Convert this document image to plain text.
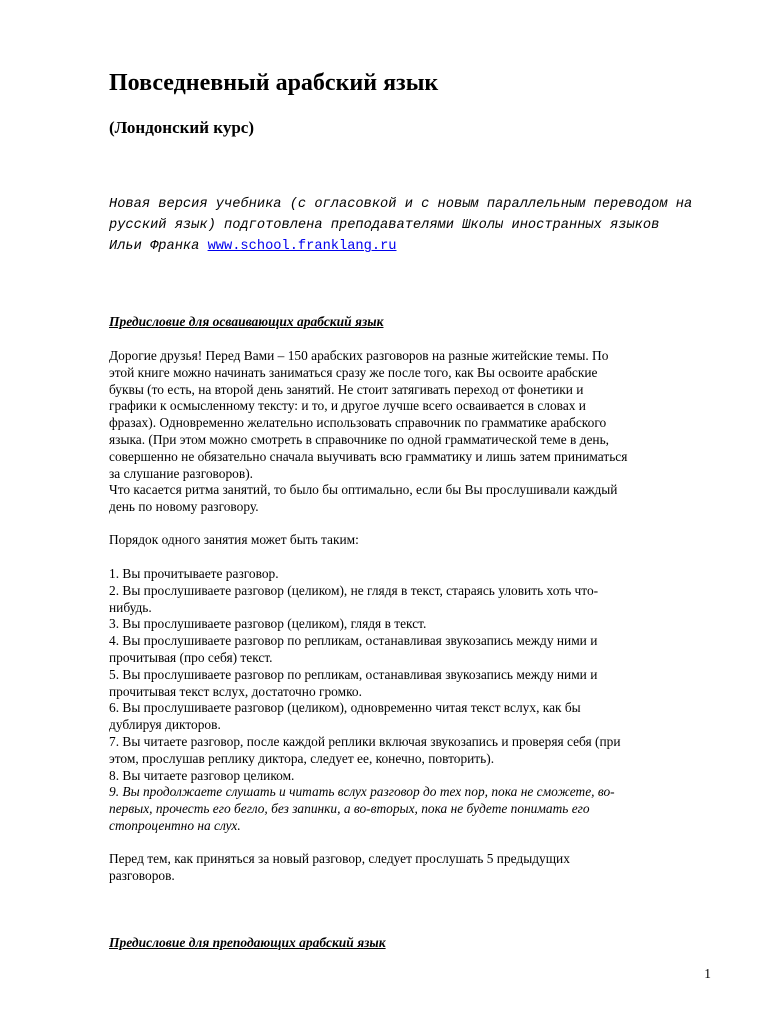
Повседневный арабский язык
(Лондонский курс)
Новая версия учебника (с огласовкой и с новым параллельным переводом на
русский язык) подготовлена преподавателями Школы иностранных языков
Ильи Франка www.school.franklang.ru
Предисловие для осваивающих арабский язык
Дорогие друзья! Перед Вами – 150 арабских разговоров на разные житейские темы. По
этой книге можно начинать заниматься сразу же после того, как Вы освоите арабские
буквы (то есть, на второй день занятий. Не стоит затягивать переход от фонетики и
графики к осмысленному тексту: и то, и другое лучше всего осваивается в словах и
фразах). Одновременно желательно использовать справочник по грамматике арабского
языка. (При этом можно смотреть в справочнике по одной грамматической теме в день,
совершенно не обязательно сначала выучивать всю грамматику и лишь затем приниматься
за слушание разговоров).
Что касается ритма занятий, то было бы оптимально, если бы Вы прослушивали каждый
день по новому разговору.
Порядок одного занятия может быть таким:
1. Вы прочитываете разговор.
2. Вы прослушиваете разговор (целиком), не глядя в текст, стараясь уловить хоть что-
нибудь.
3. Вы прослушиваете разговор (целиком), глядя в текст.
4. Вы прослушиваете разговор по репликам, останавливая звукозапись между ними и
прочитывая (про себя) текст.
5. Вы прослушиваете разговор по репликам, останавливая звукозапись между ними и
прочитывая текст вслух, достаточно громко.
6. Вы прослушиваете разговор (целиком), одновременно читая текст вслух, как бы
дублируя дикторов.
7. Вы читаете разговор, после каждой реплики включая звукозапись и проверяя себя (при
этом, прослушав реплику диктора, следует ее, конечно, повторить).
8. Вы читаете разговор целиком.
9. Вы продолжаете слушать и читать вслух разговор до тех пор, пока не сможете, во-
первых, прочесть его бегло, без запинки, а во-вторых, пока не будете понимать его
стопроцентно на слух.
Перед тем, как приняться за новый разговор, следует прослушать 5 предыдущих
разговоров.
Предисловие для преподающих арабский язык
1
